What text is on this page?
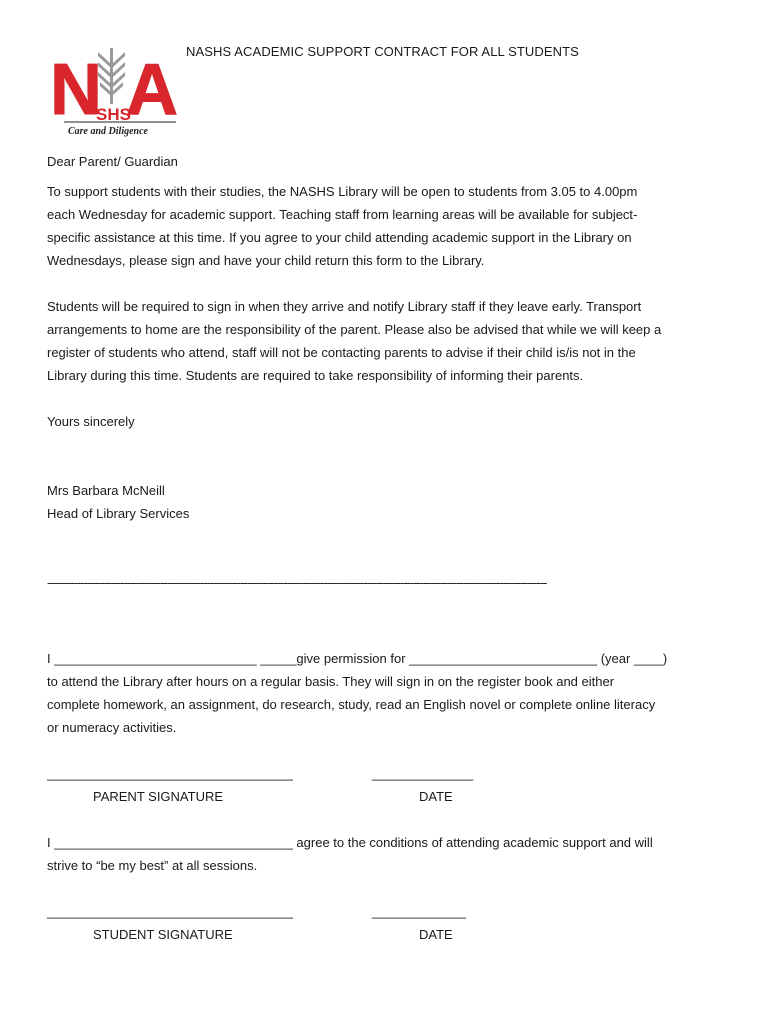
N A
SHS
Care and Diligence
NASHS ACADEMIC SUPPORT CONTRACT FOR ALL STUDENTS

Dear Parent/ Guardian

To support students with their studies, the NASHS Library will be open to students from 3.05 to 4.00pm

each Wednesday for academic support. Teaching staff from learning areas will be available for subject-

specific assistance at this time. If you agree to your child attending academic support in the Library on

Wednesdays, please sign and have your child return this form to the Library.

Students will be required to sign in when they arrive and notify Library staff if they leave early. Transport

arrangements to home are the responsibility of the parent. Please also be advised that while we will keep a

register of students who attend, staff will not be contacting parents to advise if their child is/is not in the

Library during this time. Students are required to take responsibility of informing their parents.

Yours sincerely

Mrs Barbara McNeill

Head of Library Services

------------------------------------------------------------------------------------------------------------------------------------------------------

I ____________________________ _____give permission for __________________________ (year ____)

to attend the Library after hours on a regular basis. They will sign in on the register book and either

complete homework, an assignment, do research, study, read an English novel or complete online literacy

or numeracy activities.

__________________________________	______________
PARENT SIGNATURE	DATE

I _________________________________ agree to the conditions of attending academic support and will

strive to “be my best” at all sessions.

__________________________________	_____________
STUDENT SIGNATURE	DATE
